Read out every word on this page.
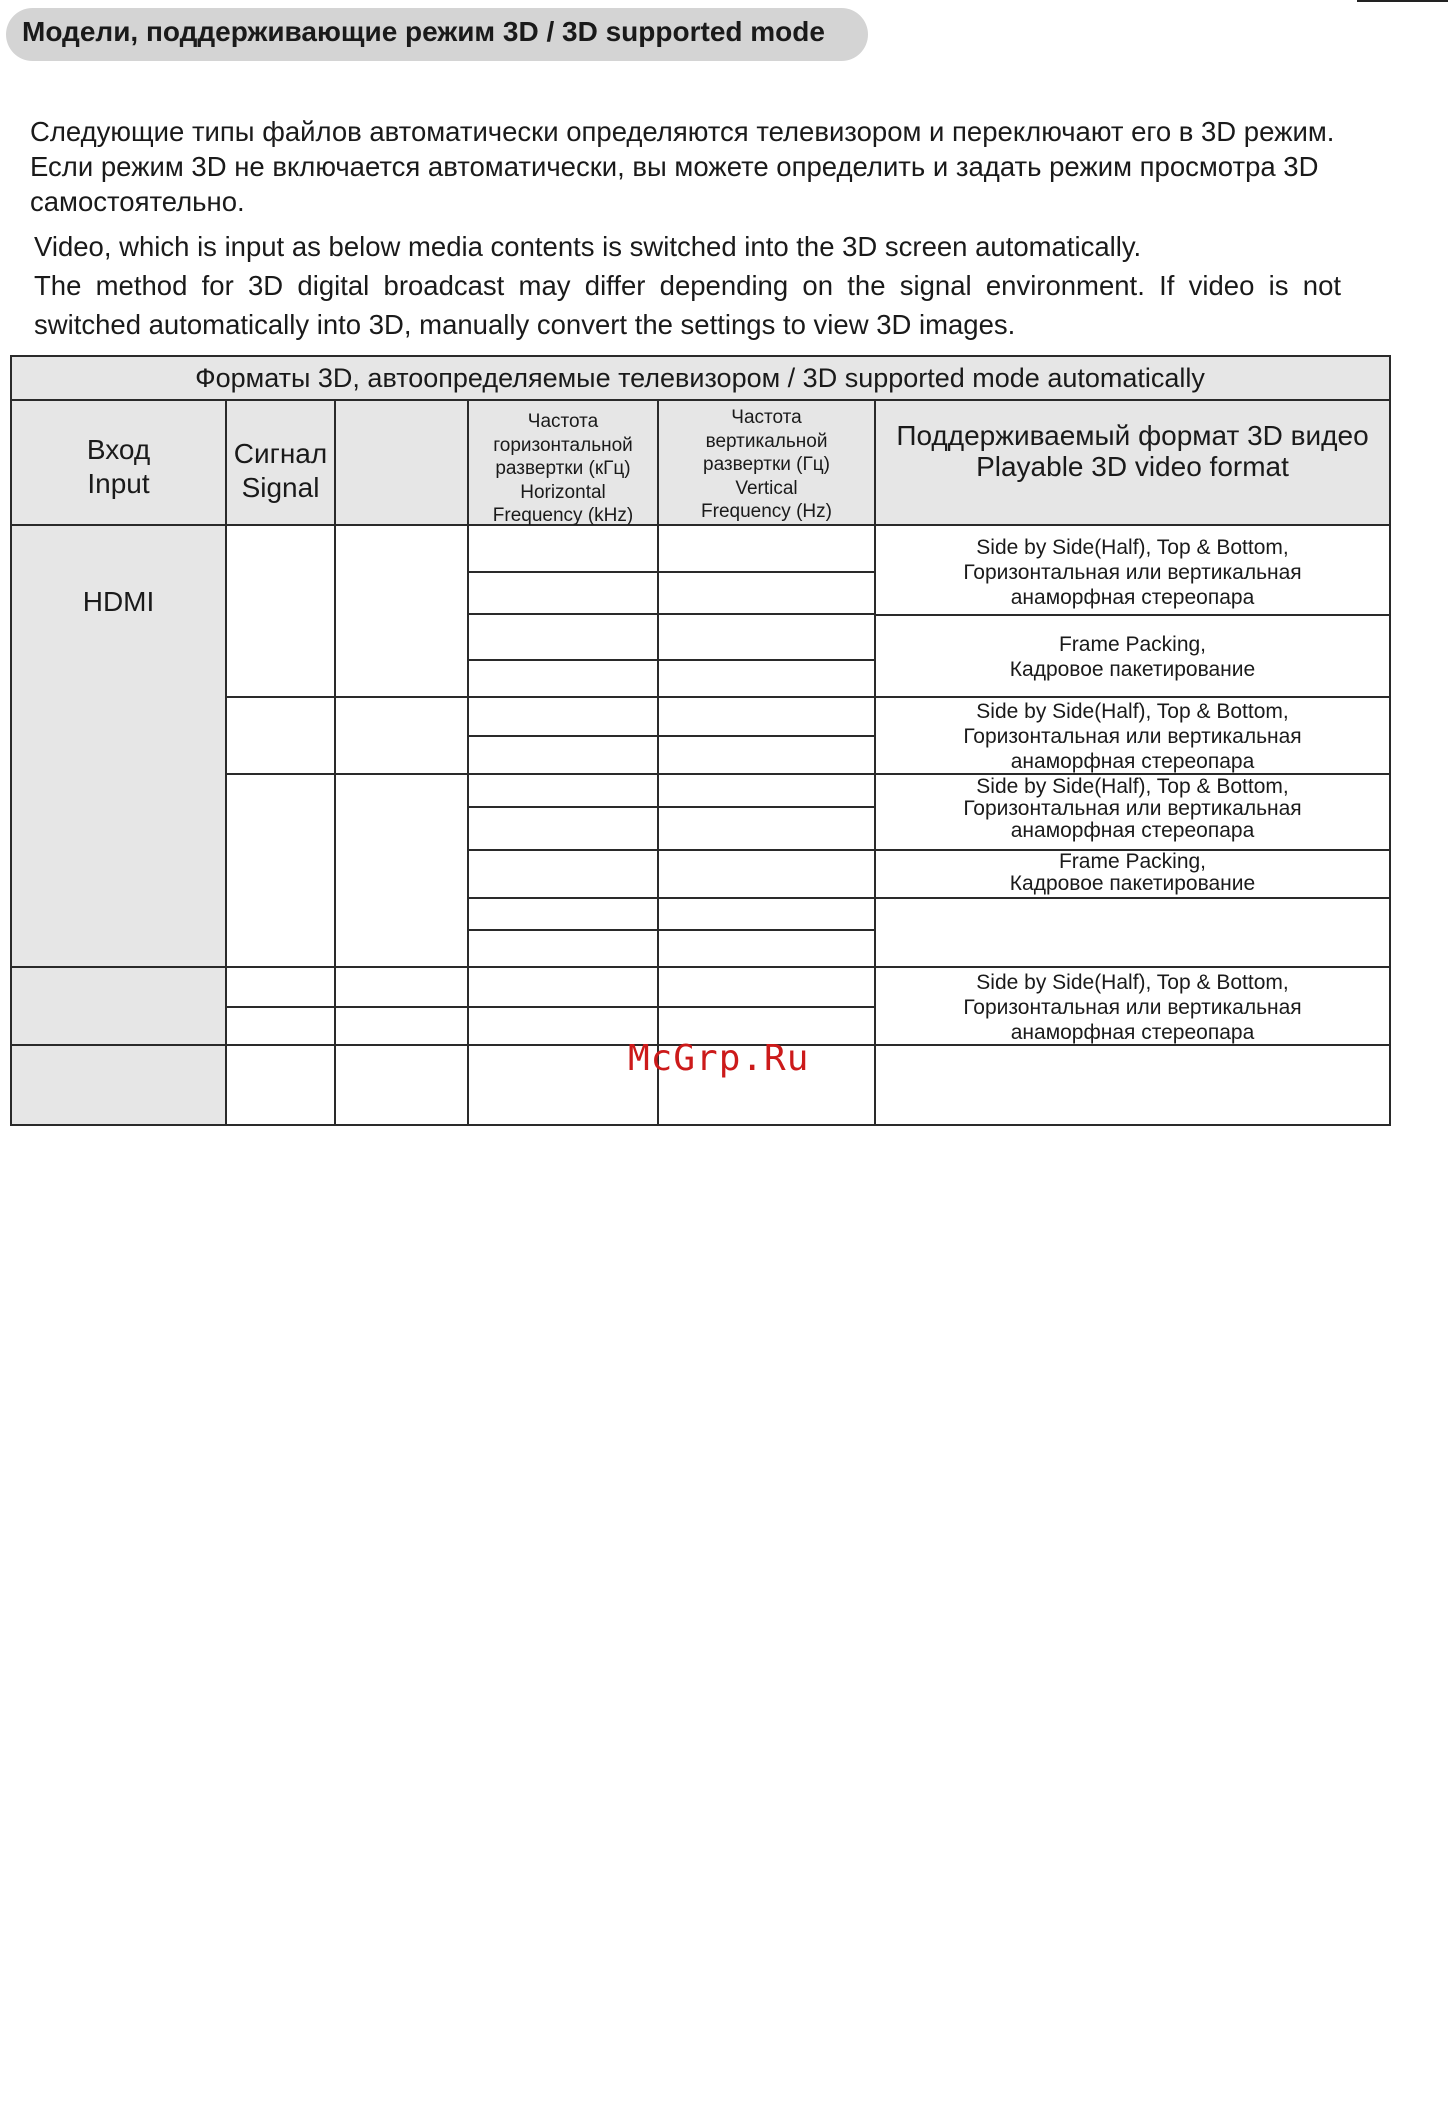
Модели, поддерживающие режим 3D / 3D supported mode
Следующие типы файлов автоматически определяются телевизором и переключают его в 3D режим.
Если режим 3D не включается автоматически, вы можете определить и задать режим просмотра 3D
самостоятельно.
Video, which is input as below media contents is switched into the 3D screen automatically.
The method for 3D digital broadcast may differ depending on the signal environment. If video is not
switched automatically into 3D, manually convert the settings to view 3D images.
Форматы 3D, автоопределяемые телевизором / 3D supported mode automatically
Вход
Input
Сигнал
Signal
Частота
горизонтальной
развертки (кГц)
Horizontal
Frequency (kHz)
Частота
вертикальной
развертки (Гц)
Vertical
Frequency (Hz)
Поддерживаемый формат 3D видео
Playable 3D video format
HDMI
Side by Side(Half), Top & Bottom,
Горизонтальная или вертикальная
анаморфная стереопара
Frame Packing,
Кадровое пакетирование
Side by Side(Half), Top & Bottom,
Горизонтальная или вертикальная
анаморфная стереопара
Side by Side(Half), Top & Bottom,
Горизонтальная или вертикальная
анаморфная стереопара
Frame Packing,
Кадровое пакетирование
Side by Side(Half), Top & Bottom,
Горизонтальная или вертикальная
анаморфная стереопара
McGrp.Ru
